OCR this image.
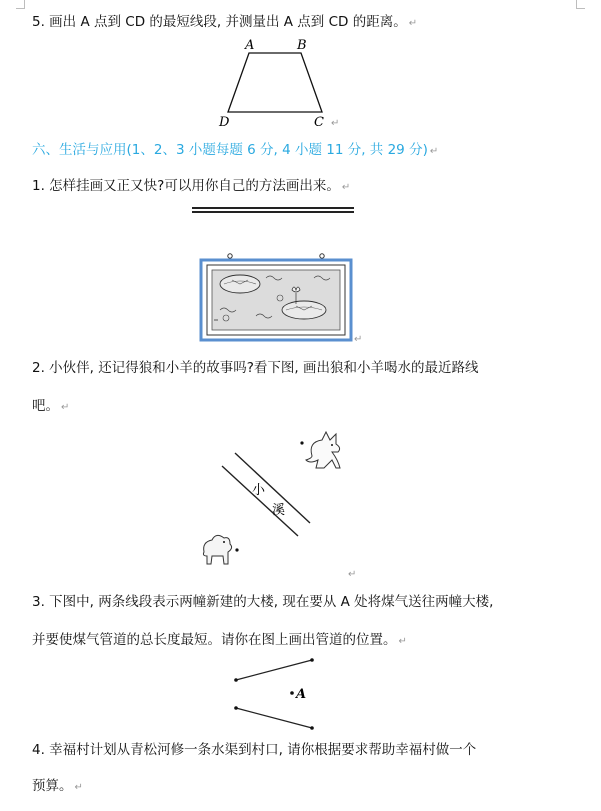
5. 画出 A 点到 CD 的最短线段, 并测量出 A 点到 CD 的距离。 ↵
A	B
D	C ↵
六、生活与应用(1、2、3 小题每题 6 分, 4 小题 11 分, 共 29 分) ↵
1. 怎样挂画又正又快?可以用你自己的方法画出来。 ↵
↵
2. 小伙伴, 还记得狼和小羊的故事吗?看下图, 画出狼和小羊喝水的最近路线
吧。 ↵
小
溪
↵
3. 下图中, 两条线段表示两幢新建的大楼, 现在要从 A 处将煤气送往两幢大楼,
并要使煤气管道的总长度最短。请你在图上画出管道的位置。 ↵
A
4. 幸福村计划从青松河修一条水渠到村口, 请你根据要求帮助幸福村做一个
预算。 ↵
